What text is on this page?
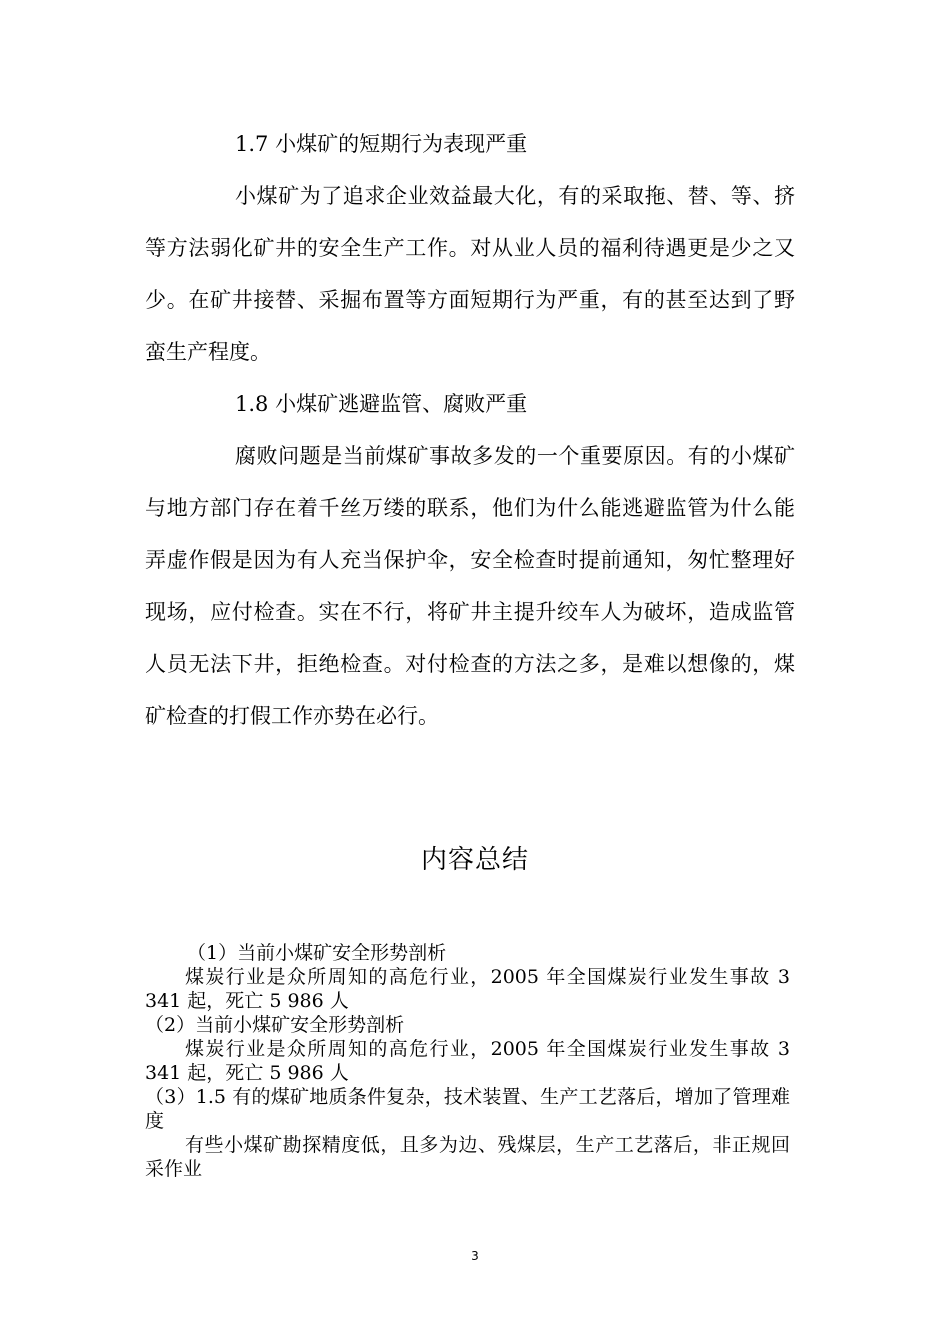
1.7 小煤矿的短期行为表现严重

小煤矿为了追求企业效益最大化，有的采取拖、替、等、挤等方法弱化矿井的安全生产工作。对从业人员的福利待遇更是少之又少。在矿井接替、采掘布置等方面短期行为严重，有的甚至达到了野蛮生产程度。

1.8 小煤矿逃避监管、腐败严重

腐败问题是当前煤矿事故多发的一个重要原因。有的小煤矿与地方部门存在着千丝万缕的联系，他们为什么能逃避监管为什么能弄虚作假是因为有人充当保护伞，安全检查时提前通知，匆忙整理好现场，应付检查。实在不行，将矿井主提升绞车人为破坏，造成监管人员无法下井，拒绝检查。对付检查的方法之多，是难以想像的，煤矿检查的打假工作亦势在必行。

内容总结

（1）当前小煤矿安全形势剖析

煤炭行业是众所周知的高危行业，2005 年全国煤炭行业发生事故 3 341 起，死亡 5 986 人

（2）当前小煤矿安全形势剖析

煤炭行业是众所周知的高危行业，2005 年全国煤炭行业发生事故 3 341 起，死亡 5 986 人

（3）1.5 有的煤矿地质条件复杂，技术装置、生产工艺落后，增加了管理难度

有些小煤矿勘探精度低，且多为边、残煤层，生产工艺落后，非正规回采作业

3
